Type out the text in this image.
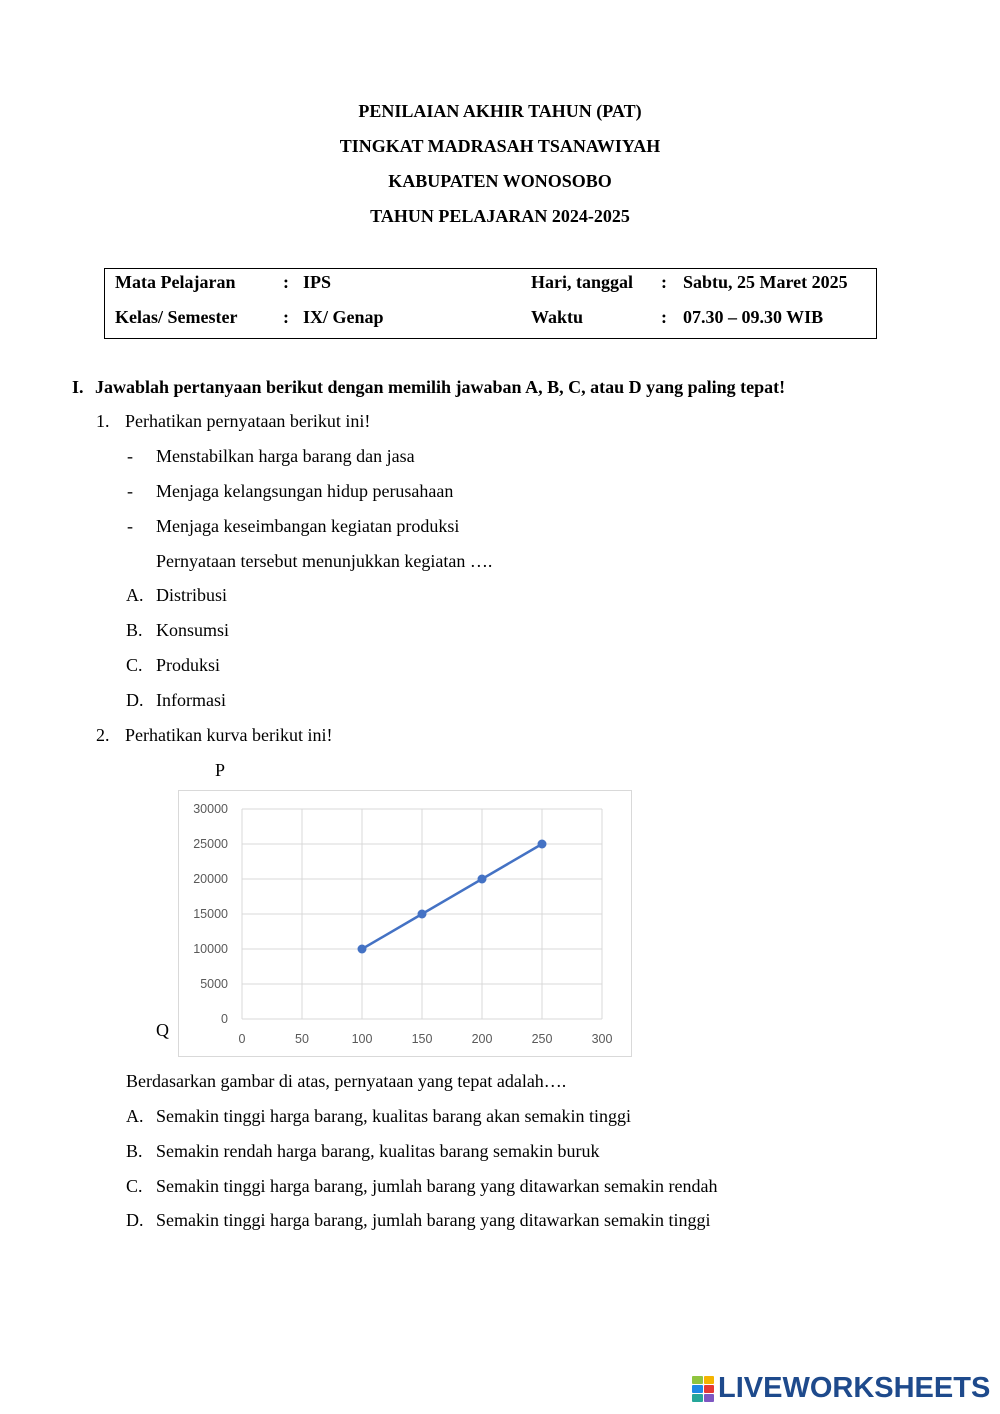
PENILAIAN AKHIR TAHUN (PAT)
TINGKAT MADRASAH TSANAWIYAH
KABUPATEN WONOSOBO
TAHUN PELAJARAN 2024-2025
Mata Pelajaran	: IPS	Hari, tanggal : Sabtu, 25 Maret 2025
Kelas/ Semester	: IX/ Genap	Waktu	: 07.30 – 09.30 WIB
I. Jawablah pertanyaan berikut dengan memilih jawaban A, B, C, atau D yang paling tepat!
1. Perhatikan pernyataan berikut ini!
- Menstabilkan harga barang dan jasa
- Menjaga kelangsungan hidup perusahaan
- Menjaga keseimbangan kegiatan produksi
Pernyataan tersebut menunjukkan kegiatan ….
A. Distribusi
B. Konsumsi
C. Produksi
D. Informasi
2. Perhatikan kurva berikut ini!
P
Q
0
5000
10000
15000
20000
25000
30000
0	50	100	150	200	250	300
Berdasarkan gambar di atas, pernyataan yang tepat adalah….
A. Semakin tinggi harga barang, kualitas barang akan semakin tinggi
B. Semakin rendah harga barang, kualitas barang semakin buruk
C. Semakin tinggi harga barang, jumlah barang yang ditawarkan semakin rendah
D. Semakin tinggi harga barang, jumlah barang yang ditawarkan semakin tinggi
LIVEWORKSHEETS
